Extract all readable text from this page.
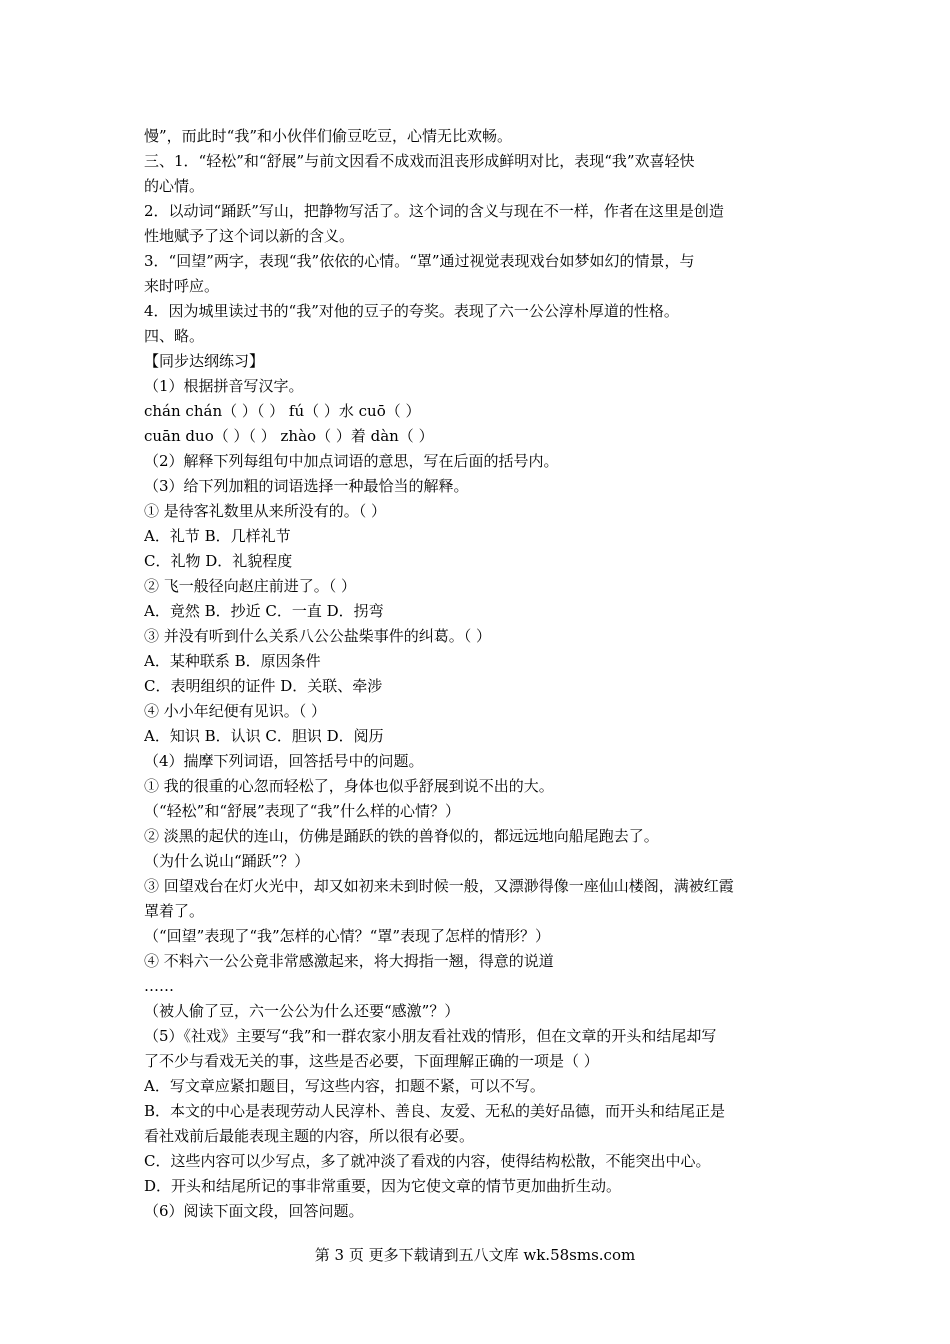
慢”，而此时“我”和小伙伴们偷豆吃豆，心情无比欢畅。
三、1．“轻松”和“舒展”与前文因看不成戏而沮丧形成鲜明对比，表现“我”欢喜轻快
的心情。
2．以动词“踊跃”写山，把静物写活了。这个词的含义与现在不一样，作者在这里是创造
性地赋予了这个词以新的含义。
3．“回望”两字，表现“我”依依的心情。“罩”通过视觉表现戏台如梦如幻的情景，与
来时呼应。
4．因为城里读过书的“我”对他的豆子的夸奖。表现了六一公公淳朴厚道的性格。
四、略。
【同步达纲练习】
（1）根据拼音写汉字。
chán chán（ ）（ ） fú（ ）水 cuō（ ）
cuān duo（ ）（ ） zhào（ ）着 dàn（ ）
（2）解释下列每组句中加点词语的意思，写在后面的括号内。
（3）给下列加粗的词语选择一种最恰当的解释。
① 是待客礼数里从来所没有的。（ ）
A．礼节 B．几样礼节
C．礼物 D．礼貌程度
② 飞一般径向赵庄前进了。（ ）
A．竟然 B．抄近 C．一直 D．拐弯
③ 并没有听到什么关系八公公盐柴事件的纠葛。（ ）
A．某种联系 B．原因条件
C．表明组织的证件 D．关联、牵涉
④ 小小年纪便有见识。（ ）
A．知识 B．认识 C．胆识 D．阅历
（4）揣摩下列词语，回答括号中的问题。
① 我的很重的心忽而轻松了，身体也似乎舒展到说不出的大。
（“轻松”和“舒展”表现了“我”什么样的心情？）
② 淡黑的起伏的连山，仿佛是踊跃的铁的兽脊似的，都远远地向船尾跑去了。
（为什么说山“踊跃”？）
③ 回望戏台在灯火光中，却又如初来未到时候一般，又漂渺得像一座仙山楼阁，满被红霞
罩着了。
（“回望”表现了“我”怎样的心情？“罩”表现了怎样的情形？）
④ 不料六一公公竟非常感激起来，将大拇指一翘，得意的说道
……
（被人偷了豆，六一公公为什么还要“感激”？）
（5）《社戏》主要写“我”和一群农家小朋友看社戏的情形，但在文章的开头和结尾却写
了不少与看戏无关的事，这些是否必要，下面理解正确的一项是（ ）
A．写文章应紧扣题目，写这些内容，扣题不紧，可以不写。
B．本文的中心是表现劳动人民淳朴、善良、友爱、无私的美好品德，而开头和结尾正是
看社戏前后最能表现主题的内容，所以很有必要。
C．这些内容可以少写点，多了就冲淡了看戏的内容，使得结构松散，不能突出中心。
D．开头和结尾所记的事非常重要，因为它使文章的情节更加曲折生动。
（6）阅读下面文段，回答问题。
第 3 页 更多下载请到五八文库 wk.58sms.com
